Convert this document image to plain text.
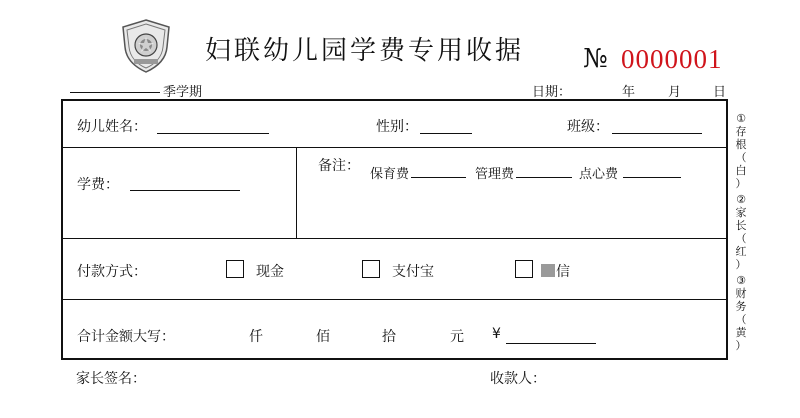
妇联幼儿园学费专用收据 № 0000001
季学期	日期：	年	月 日
幼儿姓名：	性别：	班级：
学费：
备注：
保育费	管理费	点心费
付款方式：	现金	支付宝	信
合计金额大写：	仟	佰	拾	元 ¥
家长签名：	收款人：
①
存
根
（
白
）
②
家
长
（
红
）
③
财
务
（
黄
）
